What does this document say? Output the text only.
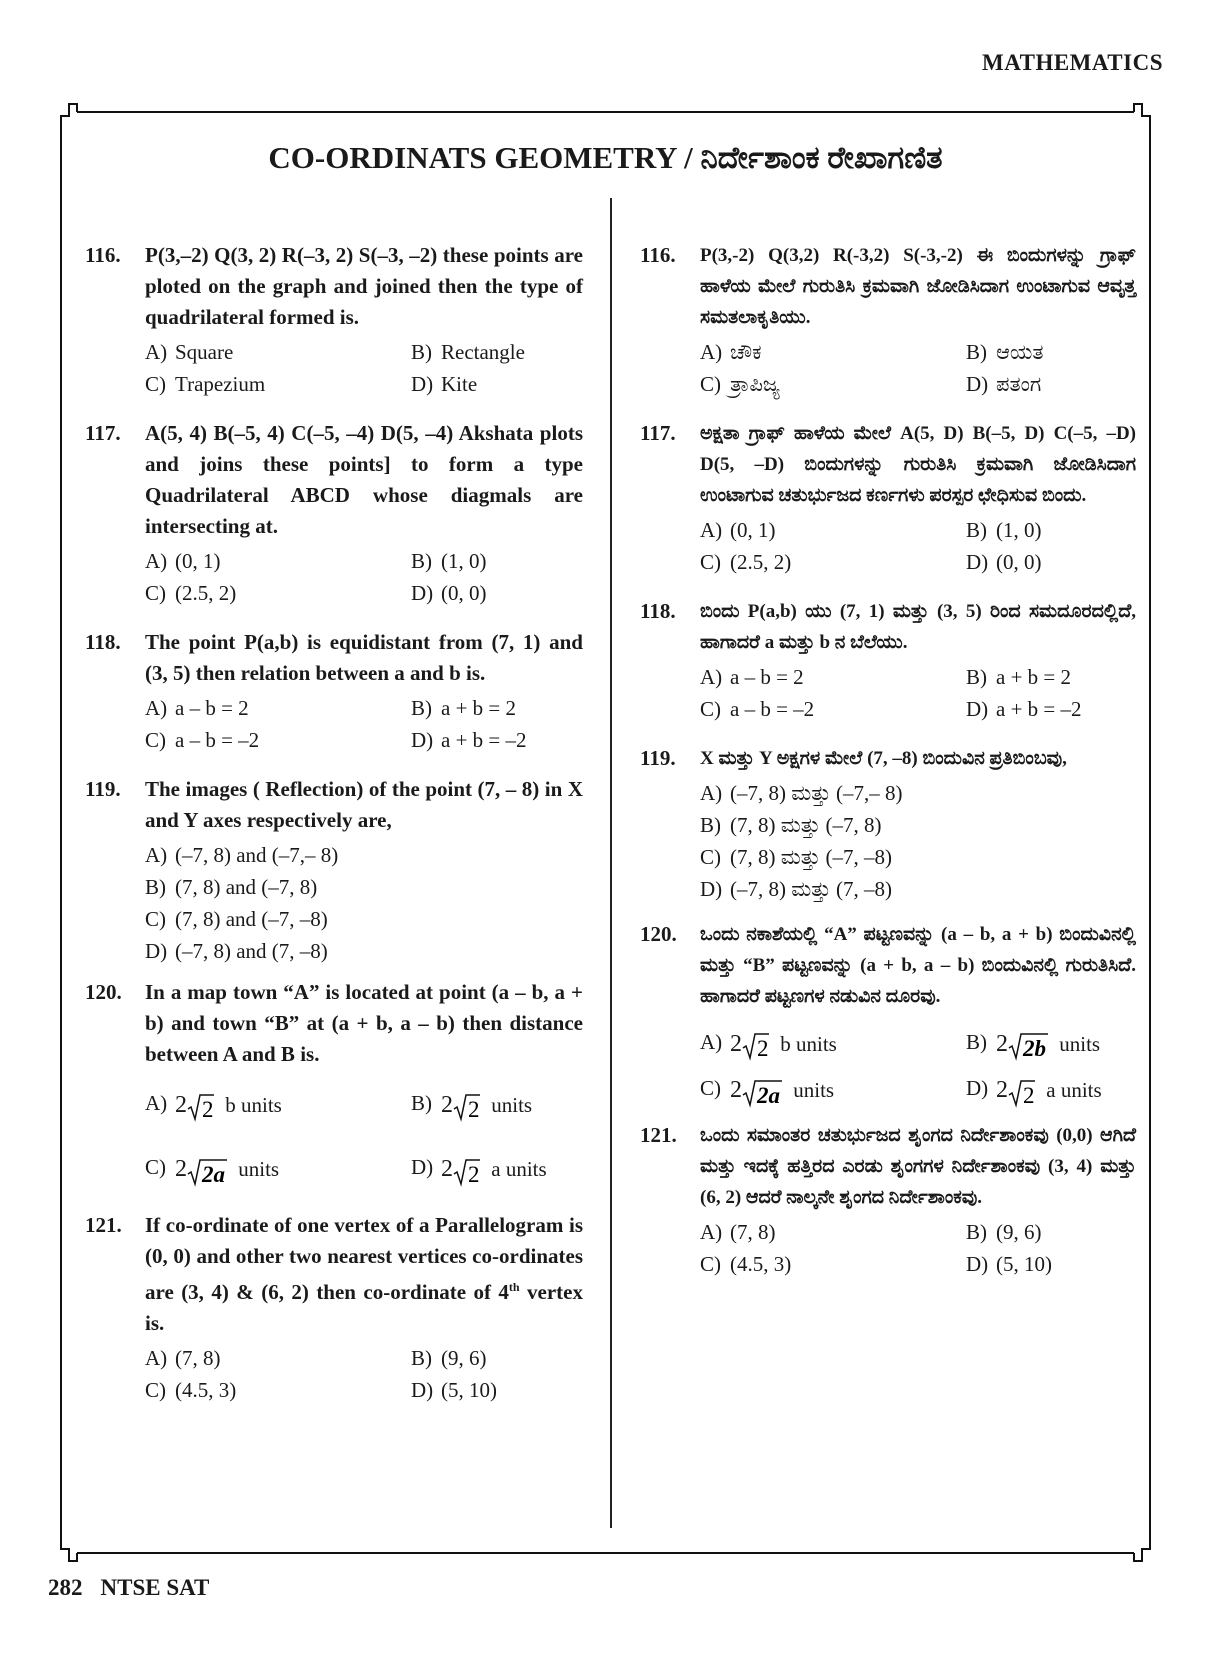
MATHEMATICS
CO-ORDINATS GEOMETRY / ನಿರ್ದೇಶಾಂಕ ರೇಖಾಗಣಿತ
116. P(3,–2) Q(3, 2) R(–3, 2) S(–3, –2) these points are ploted on the graph and joined then the type of quadrilateral formed is.
A) Square	B) Rectangle
C) Trapezium	D) Kite
117. A(5, 4) B(–5, 4) C(–5, –4) D(5, –4) Akshata plots and joins these points] to form a type Quadrilateral ABCD whose diagmals are intersecting at.
A) (0, 1)	B) (1, 0)
C) (2.5, 2)	D) (0, 0)
118. The point P(a,b) is equidistant from (7, 1) and (3, 5) then relation between a and b is.
A) a – b = 2	B) a + b = 2
C) a – b = –2	D) a + b = –2
119. The images ( Reflection) of the point (7, – 8) in X and Y axes respectively are,
A) (–7, 8) and (–7,– 8)
B) (7, 8) and (–7, 8)
C) (7, 8) and (–7, –8)
D) (–7, 8) and (7, –8)
120. In a map town “A” is located at point (a – b, a + b) and town “B” at (a + b, a – b) then distance between A and B is.
A) 2 2 b units	B) 2 2 units
C) 2 2a units	D) 2 2 a units
121. If co-ordinate of one vertex of a Parallelogram is (0, 0) and other two nearest vertices co-ordinates are (3, 4) & (6, 2) then co-ordinate of 4th vertex is.
A) (7, 8)	B) (9, 6)
C) (4.5, 3)	D) (5, 10)
116. P(3,-2) Q(3,2) R(-3,2) S(-3,-2) ಈ ಬಿಂದುಗಳನ್ನು ಗ್ರಾಫ್ ಹಾಳೆಯ ಮೇಲೆ ಗುರುತಿಸಿ ಕ್ರಮವಾಗಿ ಜೋಡಿಸಿದಾಗ ಉಂಟಾಗುವ ಆವೃತ್ತ ಸಮತಲಾಕೃತಿಯು.
A) ಚೌಕ	B) ಆಯತ
C) ತ್ರಾಪಿಜ್ಯ	D) ಪತಂಗ
117. ಅಕ್ಷತಾ ಗ್ರಾಫ್ ಹಾಳೆಯ ಮೇಲೆ A(5, D) B(–5, D) C(–5, –D) D(5, –D) ಬಿಂದುಗಳನ್ನು ಗುರುತಿಸಿ ಕ್ರಮವಾಗಿ ಜೋಡಿಸಿದಾಗ ಉಂಟಾಗುವ ಚತುರ್ಭುಜದ ಕರ್ಣಗಳು ಪರಸ್ಪರ ಛೇಧಿಸುವ ಬಿಂದು.
A) (0, 1)	B) (1, 0)
C) (2.5, 2)	D) (0, 0)
118. ಬಿಂದು P(a,b) ಯು (7, 1) ಮತ್ತು (3, 5) ರಿಂದ ಸಮದೂರದಲ್ಲಿದೆ, ಹಾಗಾದರೆ a ಮತ್ತು b ನ ಬೆಲೆಯು.
A) a – b = 2	B) a + b = 2
C) a – b = –2	D) a + b = –2
119. X ಮತ್ತು Y ಅಕ್ಷಗಳ ಮೇಲೆ (7, –8) ಬಿಂದುವಿನ ಪ್ರತಿಬಿಂಬವು,
A) (–7, 8) ಮತ್ತು (–7,– 8)
B) (7, 8) ಮತ್ತು (–7, 8)
C) (7, 8) ಮತ್ತು (–7, –8)
D) (–7, 8) ಮತ್ತು (7, –8)
120. ಒಂದು ನಕಾಶೆಯಲ್ಲಿ “A” ಪಟ್ಟಣವನ್ನು (a – b, a + b) ಬಿಂದುವಿನಲ್ಲಿ ಮತ್ತು “B” ಪಟ್ಟಣವನ್ನು (a + b, a – b) ಬಿಂದುವಿನಲ್ಲಿ ಗುರುತಿಸಿದೆ. ಹಾಗಾದರೆ ಪಟ್ಟಣಗಳ ನಡುವಿನ ದೂರವು.
A) 2 2 b units	B) 2 2b units
C) 2 2a units	D) 2 2 a units
121. ಒಂದು ಸಮಾಂತರ ಚತುರ್ಭುಜದ ಶೃಂಗದ ನಿರ್ದೇಶಾಂಕವು (0,0) ಆಗಿದೆ ಮತ್ತು ಇದಕ್ಕೆ ಹತ್ತಿರದ ಎರಡು ಶೃಂಗಗಳ ನಿರ್ದೇಶಾಂಕವು (3, 4) ಮತ್ತು (6, 2) ಆದರೆ ನಾಲ್ಕನೇ ಶೃಂಗದ ನಿರ್ದೇಶಾಂಕವು.
A) (7, 8)	B) (9, 6)
C) (4.5, 3)	D) (5, 10)
282 NTSE SAT
